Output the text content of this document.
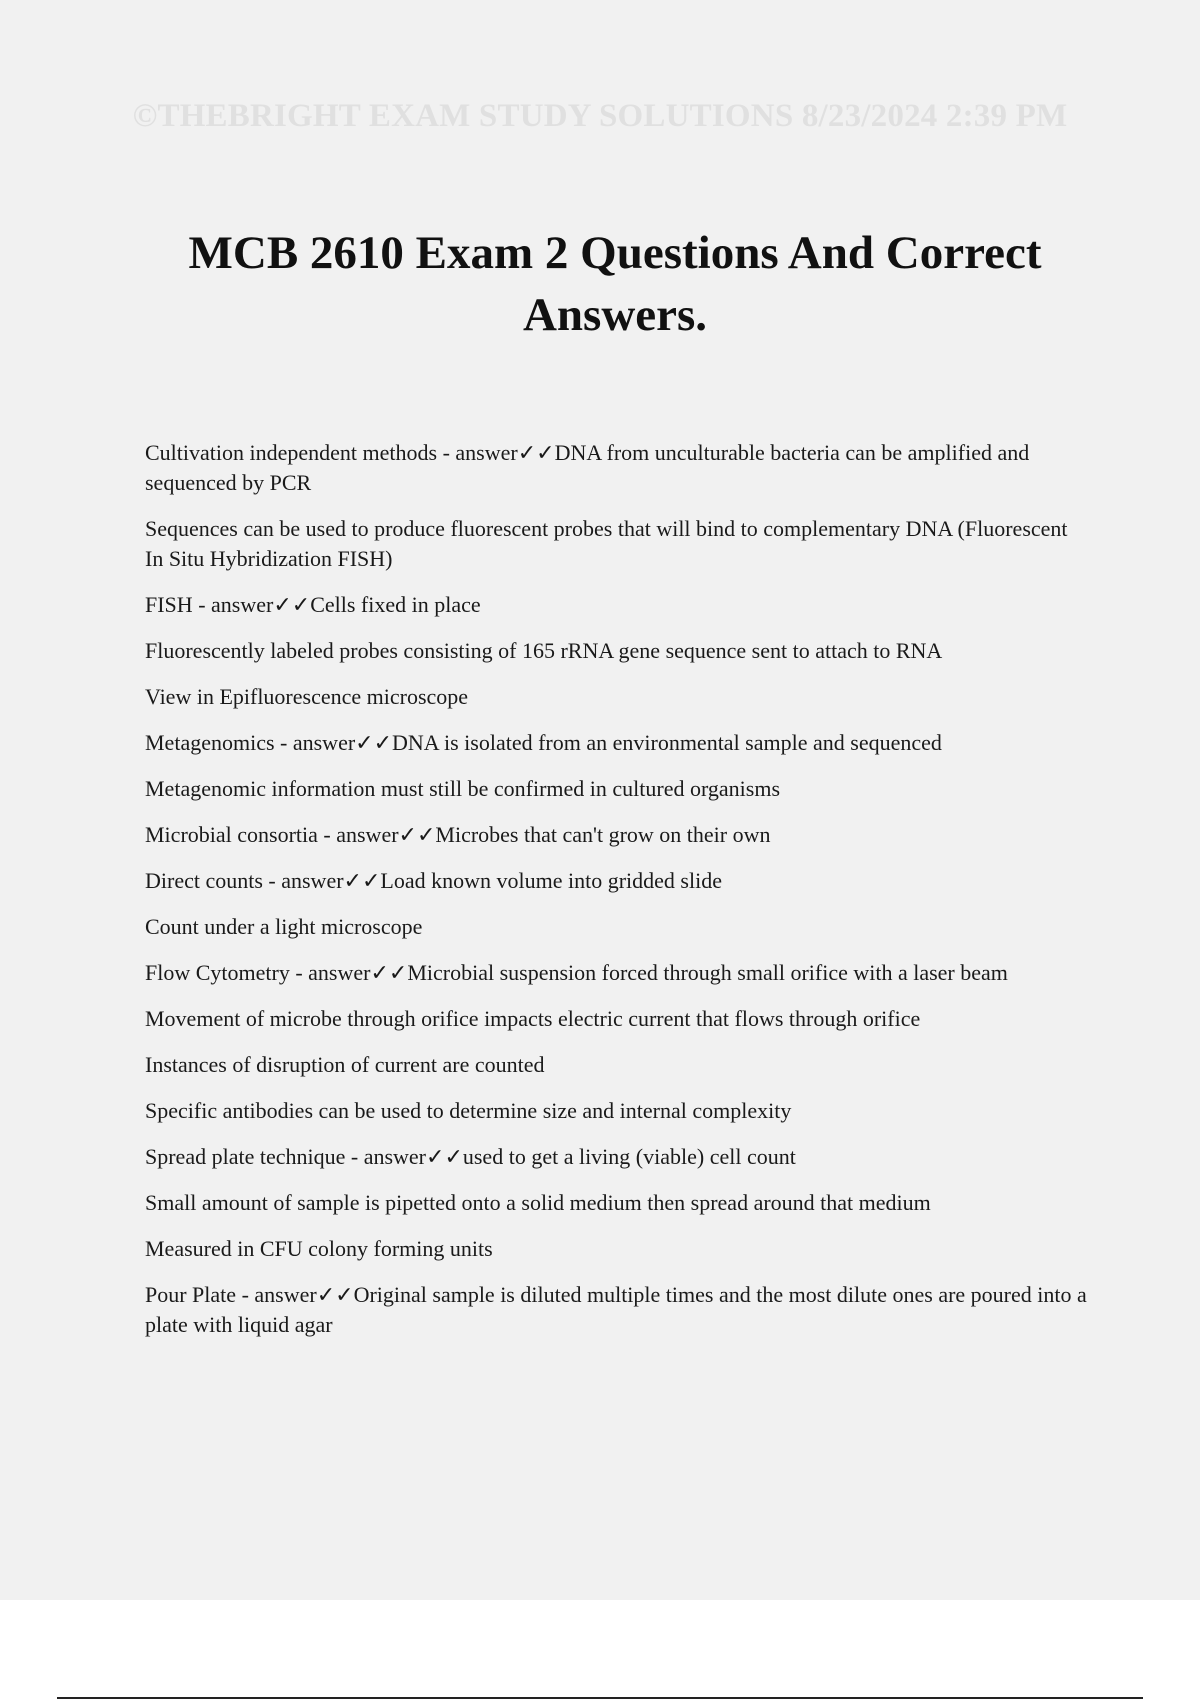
©THEBRIGHT EXAM STUDY SOLUTIONS 8/23/2024 2:39 PM
MCB 2610 Exam 2 Questions And Correct Answers.

Cultivation independent methods - answer✓✓DNA from unculturable bacteria can be amplified and sequenced by PCR

Sequences can be used to produce fluorescent probes that will bind to complementary DNA (Fluorescent In Situ Hybridization FISH)

FISH - answer✓✓Cells fixed in place

Fluorescently labeled probes consisting of 165 rRNA gene sequence sent to attach to RNA

View in Epifluorescence microscope

Metagenomics - answer✓✓DNA is isolated from an environmental sample and sequenced

Metagenomic information must still be confirmed in cultured organisms

Microbial consortia - answer✓✓Microbes that can't grow on their own

Direct counts - answer✓✓Load known volume into gridded slide

Count under a light microscope

Flow Cytometry - answer✓✓Microbial suspension forced through small orifice with a laser beam

Movement of microbe through orifice impacts electric current that flows through orifice

Instances of disruption of current are counted

Specific antibodies can be used to determine size and internal complexity

Spread plate technique - answer✓✓used to get a living (viable) cell count

Small amount of sample is pipetted onto a solid medium then spread around that medium

Measured in CFU colony forming units

Pour Plate - answer✓✓Original sample is diluted multiple times and the most dilute ones are poured into a plate with liquid agar
